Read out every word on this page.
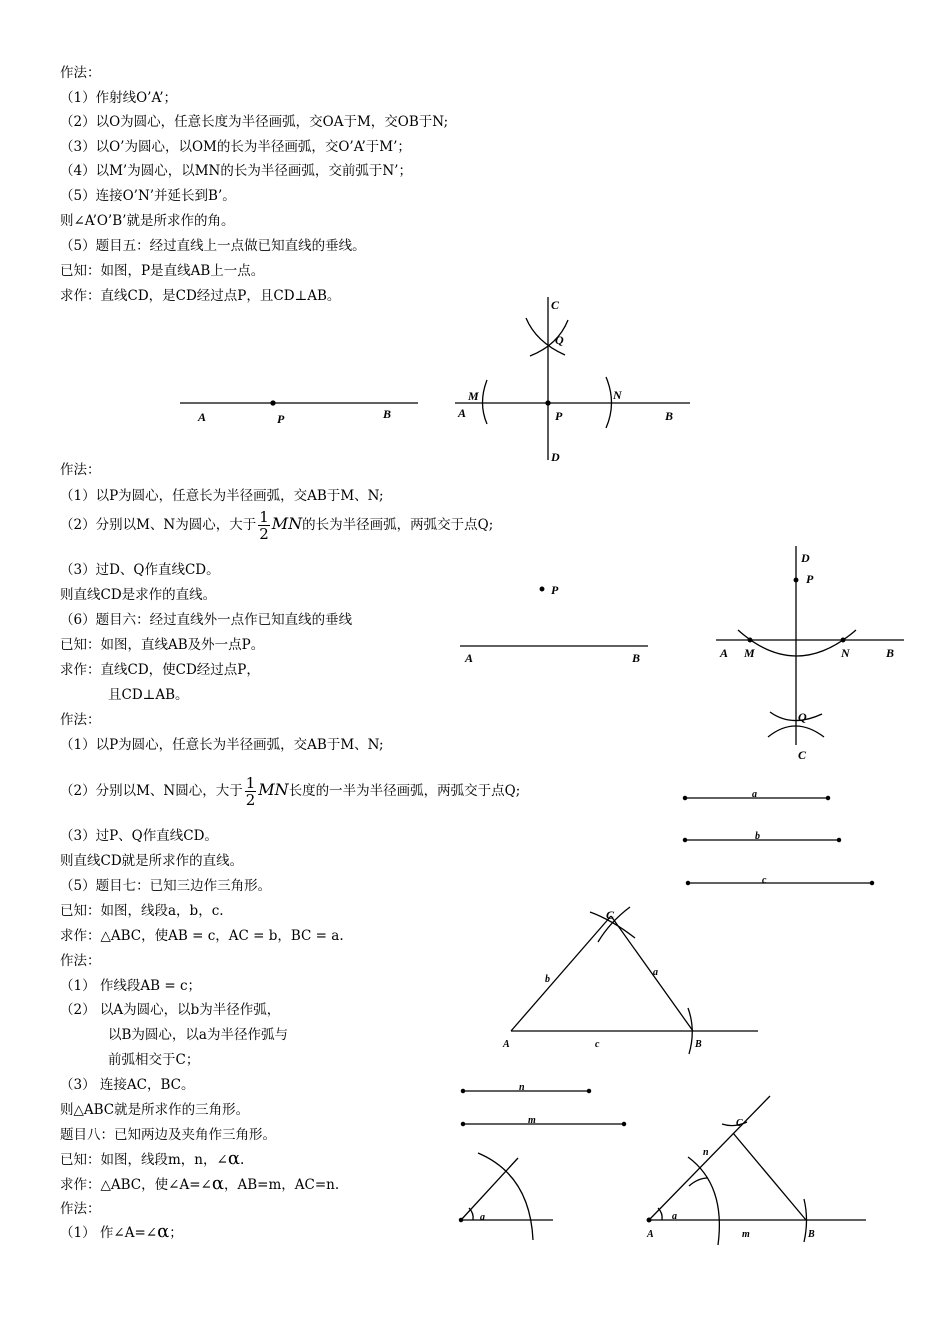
作法：
（1）作射线O’A’；
（2）以O为圆心，任意长度为半径画弧，交OA于M，交OB于N;
（3）以O’为圆心，以OM的长为半径画弧，交O’A’于M’；
（4）以M’为圆心，以MN的长为半径画弧，交前弧于N’；
（5）连接O’N’并延长到B’。
则∠A’O’B’就是所求作的角。
（5）题目五：经过直线上一点做已知直线的垂线。
已知：如图，P是直线AB上一点。
求作：直线CD，是CD经过点P，且CD⊥AB。
作法：
（1）以P为圆心，任意长为半径画弧，交AB于M、N;
（2）分别以M、N为圆心，大于 $\frac{1}{2}$ MN的长为半径画弧，两弧交于点Q;
（3）过D、Q作直线CD。
则直线CD是求作的直线。
（6）题目六：经过直线外一点作已知直线的垂线
已知：如图，直线AB及外一点P。
求作：直线CD，使CD经过点P，
且CD⊥AB。
作法：
（1）以P为圆心，任意长为半径画弧，交AB于M、N;
（2）分别以M、N圆心，大于 $\frac{1}{2}$ MN长度的一半为半径画弧，两弧交于点Q;
（3）过P、Q作直线CD。
则直线CD就是所求作的直线。
（5）题目七：已知三边作三角形。
已知：如图，线段a，b，c.
求作：△ABC，使AB = c，AC = b，BC = a.
作法：
（1） 作线段AB = c；
（2） 以A为圆心，以b为半径作弧，
以B为圆心，以a为半径作弧与
前弧相交于C；
（3） 连接AC，BC。
则△ABC就是所求作的三角形。
题目八：已知两边及夹角作三角形。
已知：如图，线段m，n，∠α.
求作：△ABC，使∠A=∠α，AB=m，AC=n.
作法：
（1） 作∠A=∠α；
A	P	B
C
Q
M	N
A	P	B
D
P
A	B
D
P
A M	N	B
Q
C
a
b
c
C
b
a
A	c	B
n
m
a
C
n
a
A	m	B
